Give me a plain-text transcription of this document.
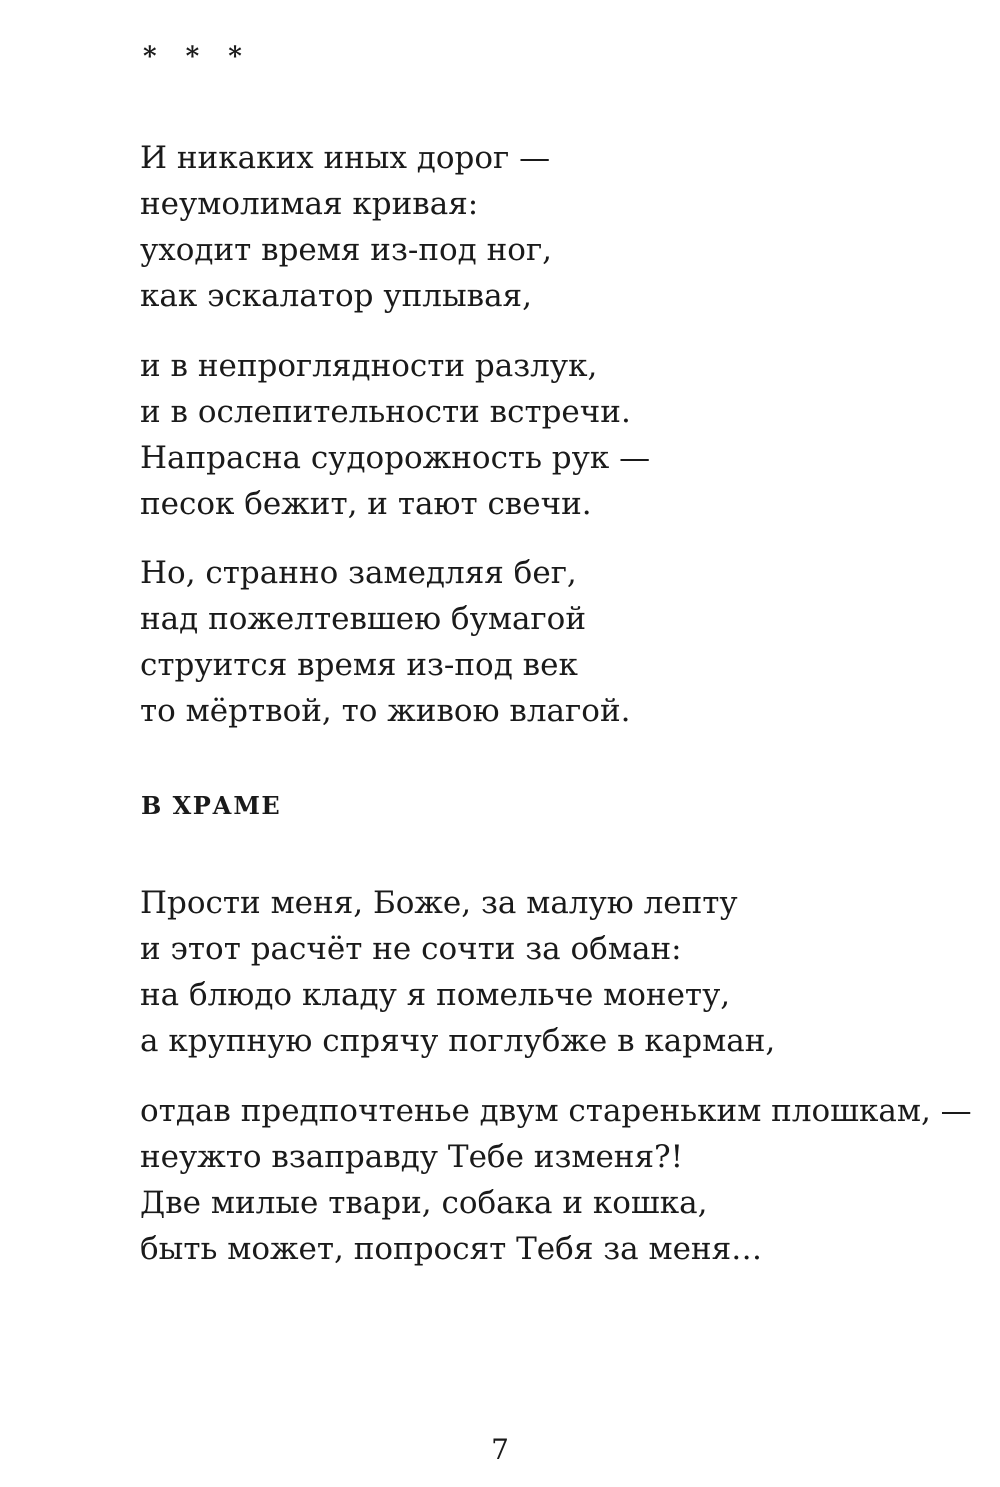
* * *
И никаких иных дорог —
неумолимая кривая:
уходит время из-под ног,
как эскалатор уплывая,
и в непроглядности разлук,
и в ослепительности встречи.
Напрасна судорожность рук —
песок бежит, и тают свечи.
Но, странно замедляя бег,
над пожелтевшею бумагой
струится время из-под век
то мёртвой, то живою влагой.
В ХРАМЕ
Прости меня, Боже, за малую лепту
и этот расчёт не сочти за обман:
на блюдо кладу я помельче монету,
а крупную спрячу поглубже в карман,
отдав предпочтенье двум стареньким плошкам, —
неужто взаправду Тебе изменя?!
Две милые твари, собака и кошка,
быть может, попросят Тебя за меня…
7
